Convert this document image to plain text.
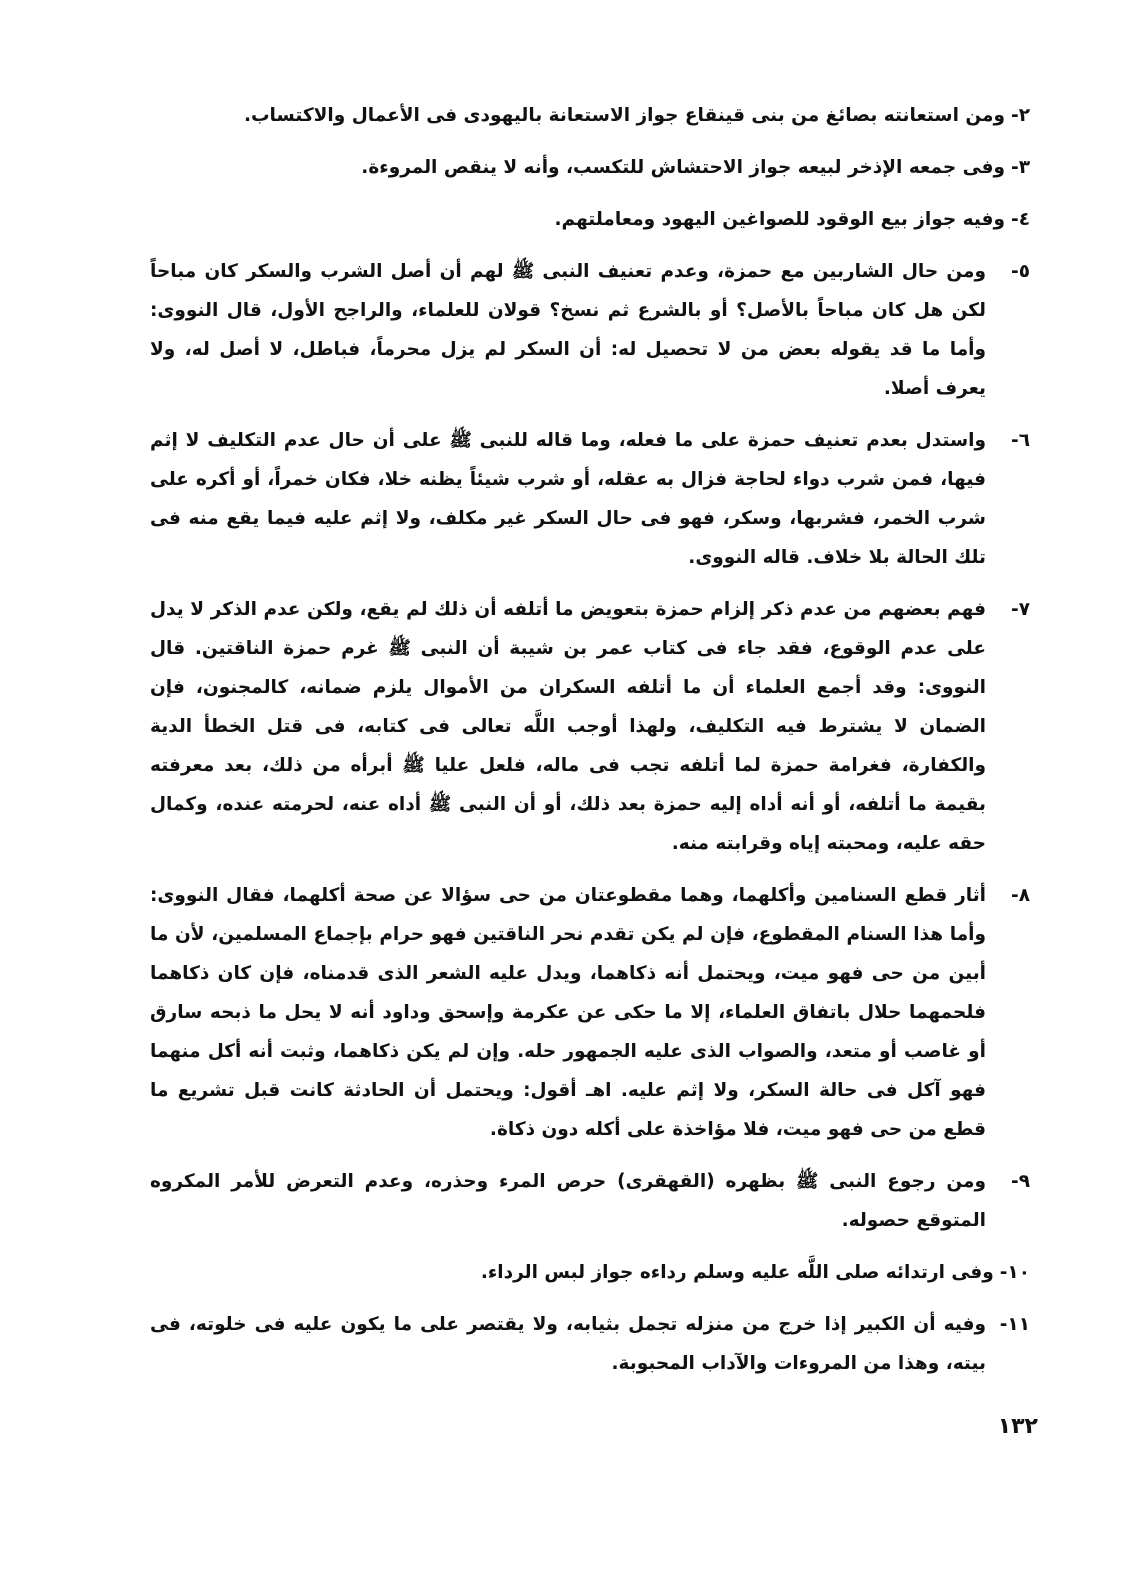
٢-ومن استعانته بصائغ من بنى قينقاع جواز الاستعانة باليهودى فى الأعمال والاكتساب.

٣-وفى جمعه الإذخر لبيعه جواز الاحتشاش للتكسب، وأنه لا ينقص المروءة.

٤-وفيه جواز بيع الوقود للصواغين اليهود ومعاملتهم.

٥-
ومن حال الشاربين مع حمزة، وعدم تعنيف النبى ﷺ لهم أن أصل الشرب والسكر كان مباحاً لكن هل كان مباحاً بالأصل؟ أو بالشرع ثم نسخ؟ قولان للعلماء، والراجح الأول، قال النووى: وأما ما قد يقوله بعض من لا تحصيل له: أن السكر لم يزل محرماً، فباطل، لا أصل له، ولا يعرف أصلا.

٦-
واستدل بعدم تعنيف حمزة على ما فعله، وما قاله للنبى ﷺ على أن حال عدم التكليف لا إثم فيها، فمن شرب دواء لحاجة فزال به عقله، أو شرب شيئاً يظنه خلا، فكان خمراً، أو أكره على شرب الخمر، فشربها، وسكر، فهو فى حال السكر غير مكلف، ولا إثم عليه فيما يقع منه فى تلك الحالة بلا خلاف. قاله النووى.

٧-
فهم بعضهم من عدم ذكر إلزام حمزة بتعويض ما أتلفه أن ذلك لم يقع، ولكن عدم الذكر لا يدل على عدم الوقوع، فقد جاء فى كتاب عمر بن شيبة أن النبى ﷺ غرم حمزة الناقتين. قال النووى: وقد أجمع العلماء أن ما أتلفه السكران من الأموال يلزم ضمانه، كالمجنون، فإن الضمان لا يشترط فيه التكليف، ولهذا أوجب اللَّه تعالى فى كتابه، فى قتل الخطأ الدية والكفارة، فغرامة حمزة لما أتلفه تجب فى ماله، فلعل عليا ﷺ أبرأه من ذلك، بعد معرفته بقيمة ما أتلفه، أو أنه أداه إليه حمزة بعد ذلك، أو أن النبى ﷺ أداه عنه، لحرمته عنده، وكمال حقه عليه، ومحبته إياه وقرابته منه.

٨-
أثار قطع السنامين وأكلهما، وهما مقطوعتان من حى سؤالا عن صحة أكلهما، فقال النووى: وأما هذا السنام المقطوع، فإن لم يكن تقدم نحر الناقتين فهو حرام بإجماع المسلمين، لأن ما أبين من حى فهو ميت، ويحتمل أنه ذكاهما، ويدل عليه الشعر الذى قدمناه، فإن كان ذكاهما فلحمهما حلال باتفاق العلماء، إلا ما حكى عن عكرمة وإسحق وداود أنه لا يحل ما ذبحه سارق أو غاصب أو متعد، والصواب الذى عليه الجمهور حله. وإن لم يكن ذكاهما، وثبت أنه أكل منهما فهو آكل فى حالة السكر، ولا إثم عليه. اهـ أقول: ويحتمل أن الحادثة كانت قبل تشريع ما قطع من حى فهو ميت، فلا مؤاخذة على أكله دون ذكاة.

٩-
ومن رجوع النبى ﷺ بظهره (القهقرى) حرص المرء وحذره، وعدم التعرض للأمر المكروه المتوقع حصوله.

١٠-وفى ارتدائه صلى اللَّه عليه وسلم رداءه جواز لبس الرداء.

١١-
وفيه أن الكبير إذا خرج من منزله تجمل بثيابه، ولا يقتصر على ما يكون عليه فى خلوته، فى بيته، وهذا من المروءات والآداب المحبوبة.

١٣٢
